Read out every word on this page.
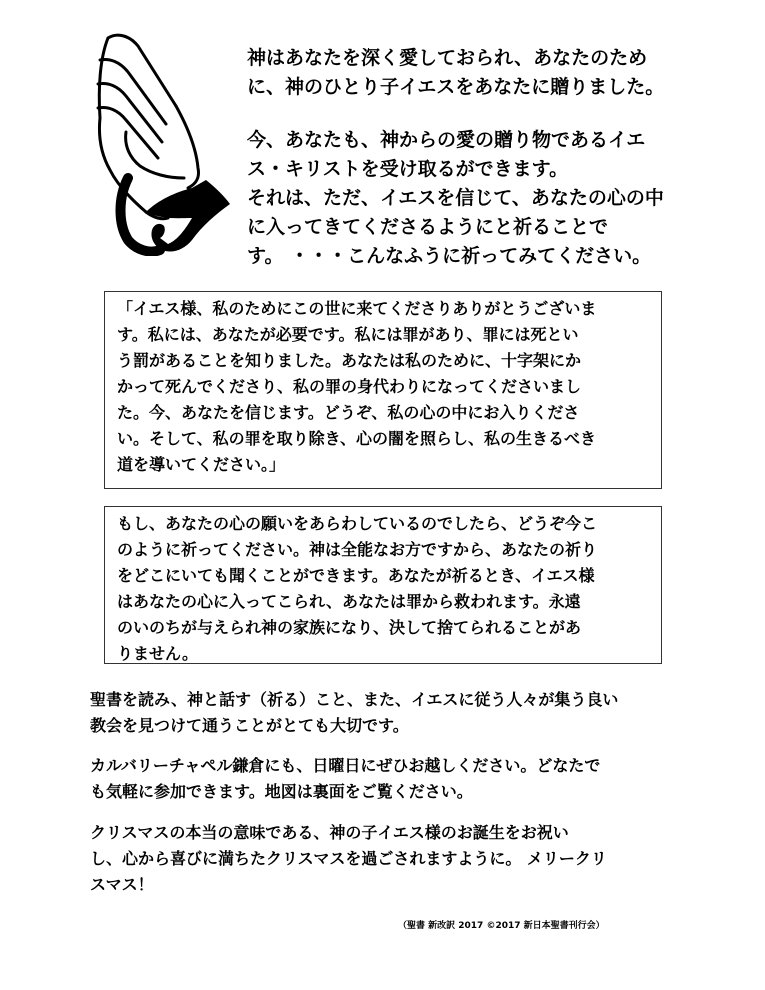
神はあなたを深く愛しておられ、あなたのため
に、神のひとり子イエスをあなたに贈りました。

今、あなたも、神からの愛の贈り物であるイエ
ス・キリストを受け取るができます。
それは、ただ、イエスを信じて、あなたの心の中
に入ってきてくださるようにと祈ることで
す。 ・・・こんなふうに祈ってみてください。

「イエス様、私のためにこの世に来てくださりありがとうございま
す。私には、あなたが必要です。私には罪があり、罪には死とい
う罰があることを知りました。あなたは私のために、十字架にか
かって死んでくださり、私の罪の身代わりになってくださいまし
た。今、あなたを信じます。どうぞ、私の心の中にお入りくださ
い。そして、私の罪を取り除き、心の闇を照らし、私の生きるべき
道を導いてください。」
もし、あなたの心の願いをあらわしているのでしたら、どうぞ今こ
のように祈ってください。神は全能なお方ですから、あなたの祈り
をどこにいても聞くことができます。あなたが祈るとき、イエス様
はあなたの心に入ってこられ、あなたは罪から救われます。永遠
のいのちが与えられ神の家族になり、決して捨てられることがあ
りません。

聖書を読み、神と話す（祈る）こと、また、イエスに従う人々が集う良い
教会を見つけて通うことがとても大切です。

カルバリーチャペル鎌倉にも、日曜日にぜひお越しください。どなたで
も気軽に参加できます。地図は裏面をご覧ください。

クリスマスの本当の意味である、神の子イエス様のお誕生をお祝い
し、心から喜びに満ちたクリスマスを過ごされますように。 メリークリ
スマス！

（聖書 新改訳 2017 ©2017 新日本聖書刊行会）
